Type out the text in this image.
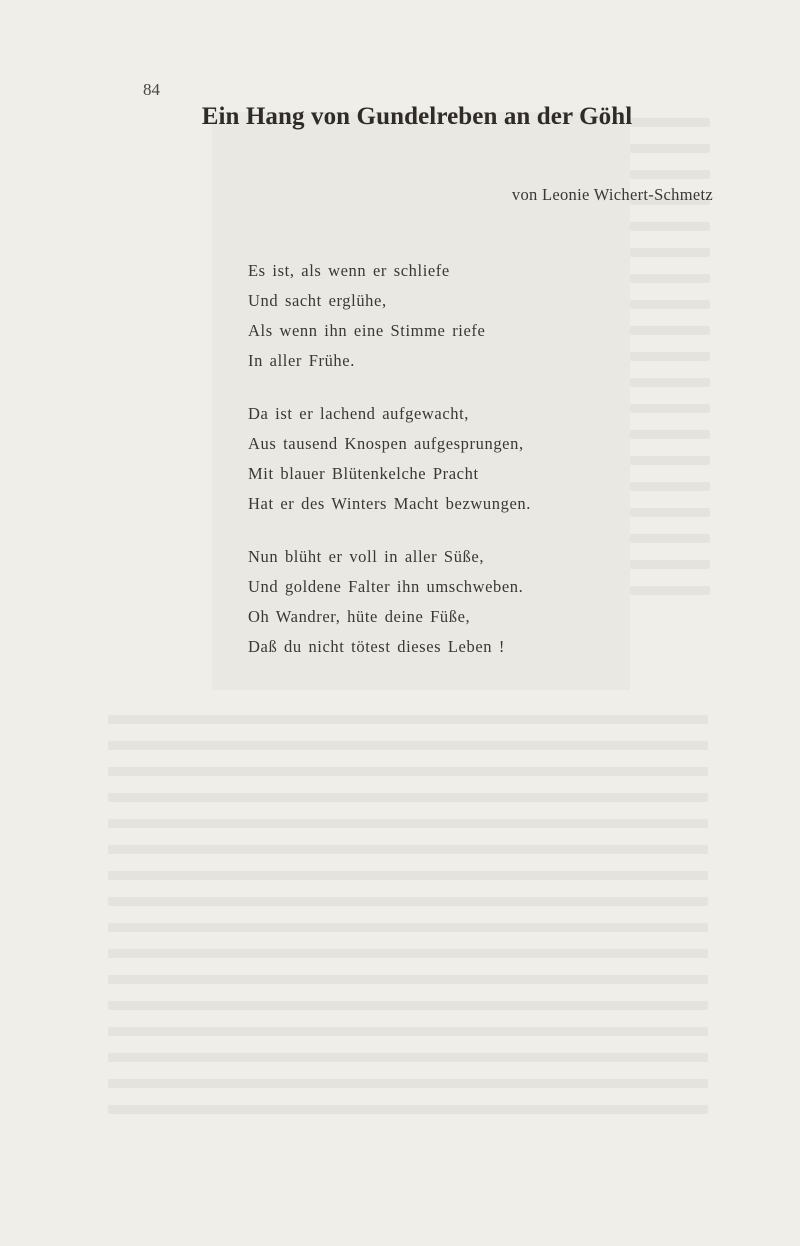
84
Ein Hang von Gundelreben an der Göhl
von Leonie Wichert-Schmetz
Es ist, als wenn er schliefe
Und sacht erglühe,
Als wenn ihn eine Stimme riefe
In aller Frühe.
Da ist er lachend aufgewacht,
Aus tausend Knospen aufgesprungen,
Mit blauer Blütenkelche Pracht
Hat er des Winters Macht bezwungen.
Nun blüht er voll in aller Süße,
Und goldene Falter ihn umschweben.
Oh Wandrer, hüte deine Füße,
Daß du nicht tötest dieses Leben !
